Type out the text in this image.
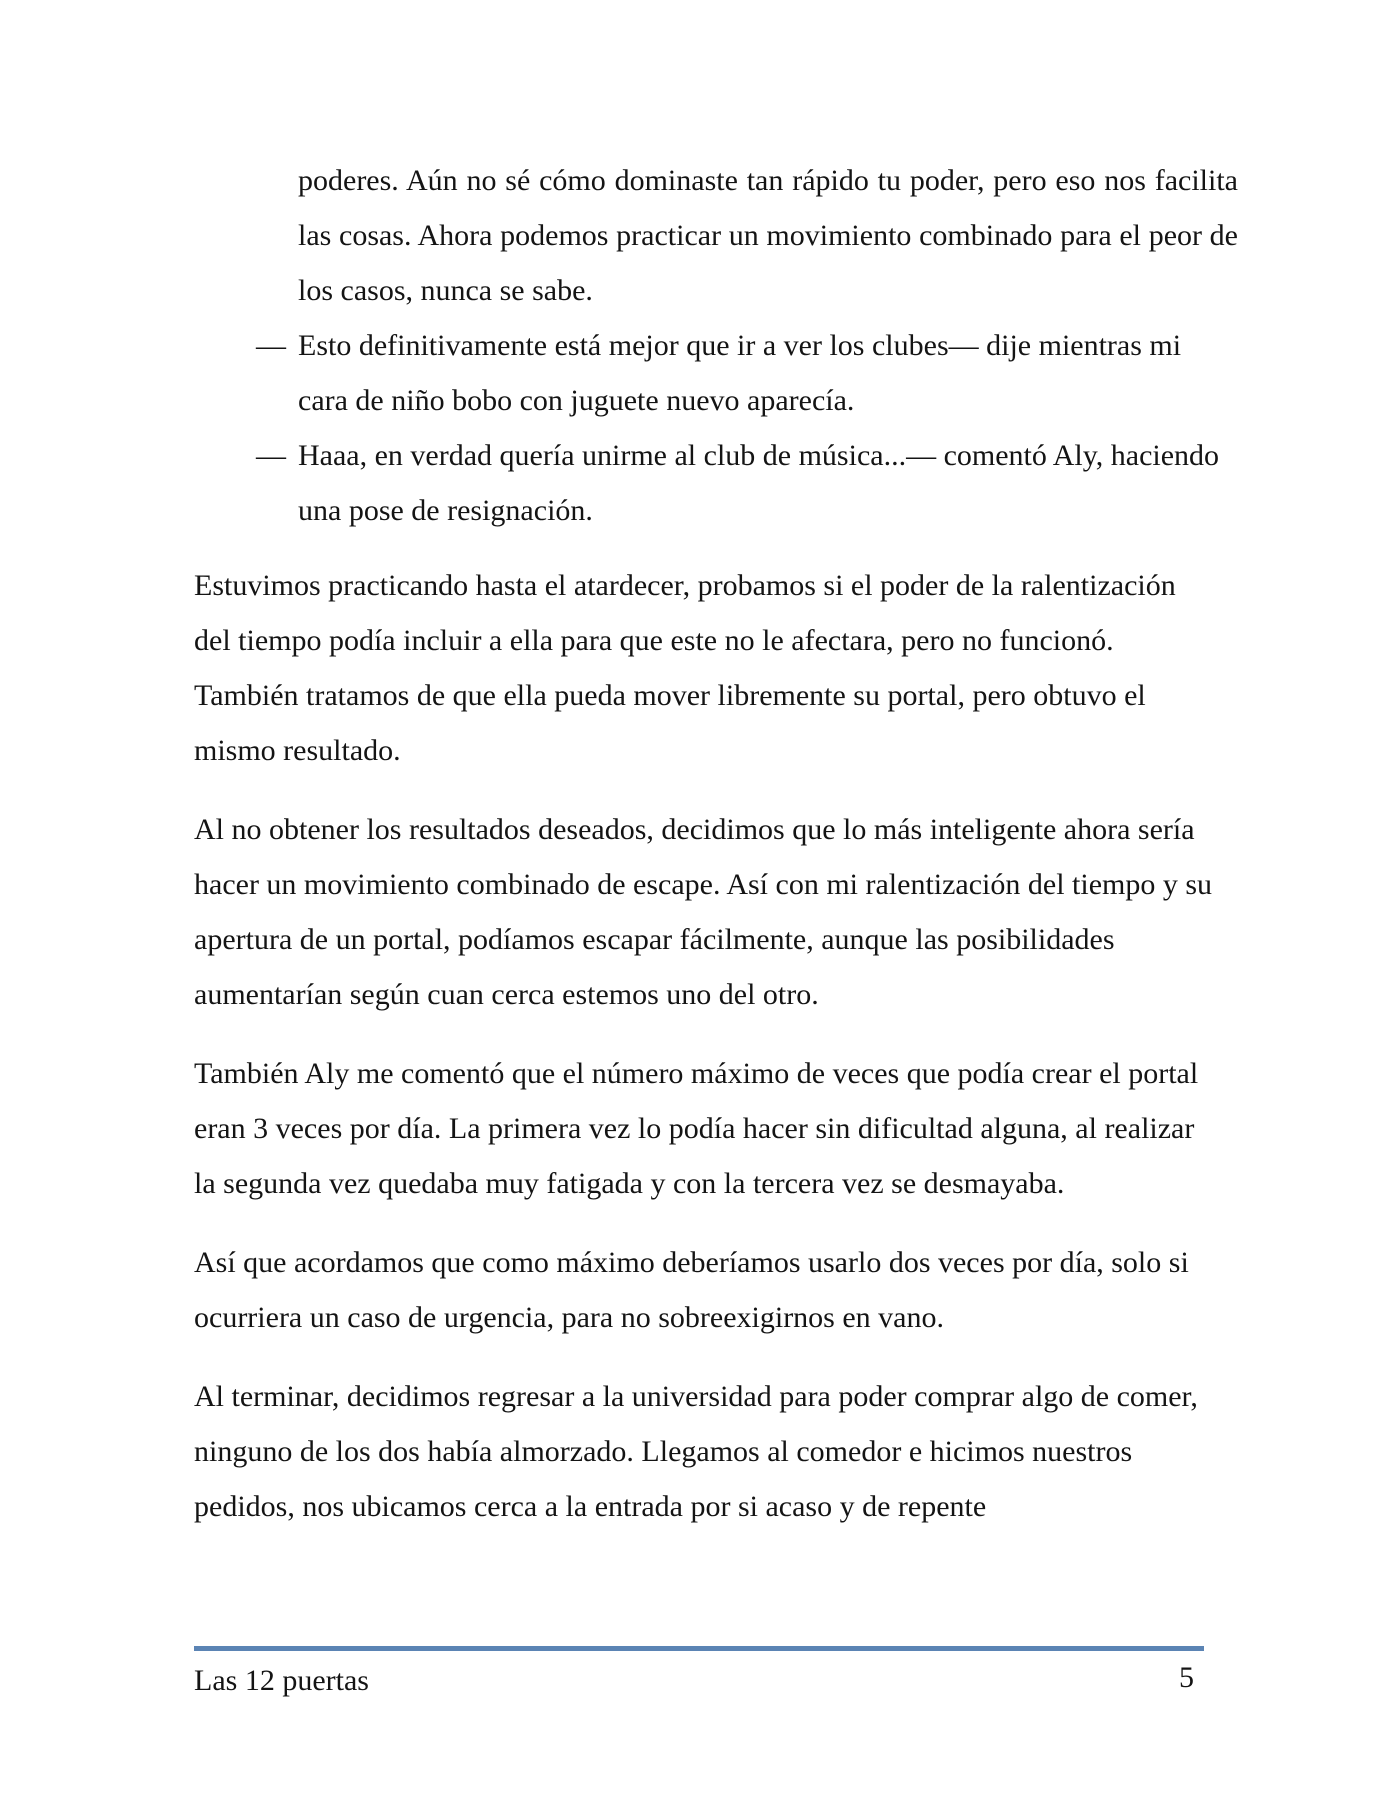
poderes. Aún no sé cómo dominaste tan rápido tu poder, pero eso nos facilita las cosas. Ahora podemos practicar un movimiento combinado para el peor de los casos, nunca se sabe.

— Esto definitivamente está mejor que ir a ver los clubes— dije mientras mi cara de niño bobo con juguete nuevo aparecía.

— Haaa, en verdad quería unirme al club de música...— comentó Aly, haciendo una pose de resignación.

Estuvimos practicando hasta el atardecer, probamos si el poder de la ralentización del tiempo podía incluir a ella para que este no le afectara, pero no funcionó. También tratamos de que ella pueda mover libremente su portal, pero obtuvo el mismo resultado.

Al no obtener los resultados deseados, decidimos que lo más inteligente ahora sería hacer un movimiento combinado de escape. Así con mi ralentización del tiempo y su apertura de un portal, podíamos escapar fácilmente, aunque las posibilidades aumentarían según cuan cerca estemos uno del otro.

También Aly me comentó que el número máximo de veces que podía crear el portal eran 3 veces por día. La primera vez lo podía hacer sin dificultad alguna, al realizar la segunda vez quedaba muy fatigada y con la tercera vez se desmayaba.

Así que acordamos que como máximo deberíamos usarlo dos veces por día, solo si ocurriera un caso de urgencia, para no sobreexigirnos en vano.

Al terminar, decidimos regresar a la universidad para poder comprar algo de comer, ninguno de los dos había almorzado. Llegamos al comedor e hicimos nuestros pedidos, nos ubicamos cerca a la entrada por si acaso y de repente

Las 12 puertas	5
